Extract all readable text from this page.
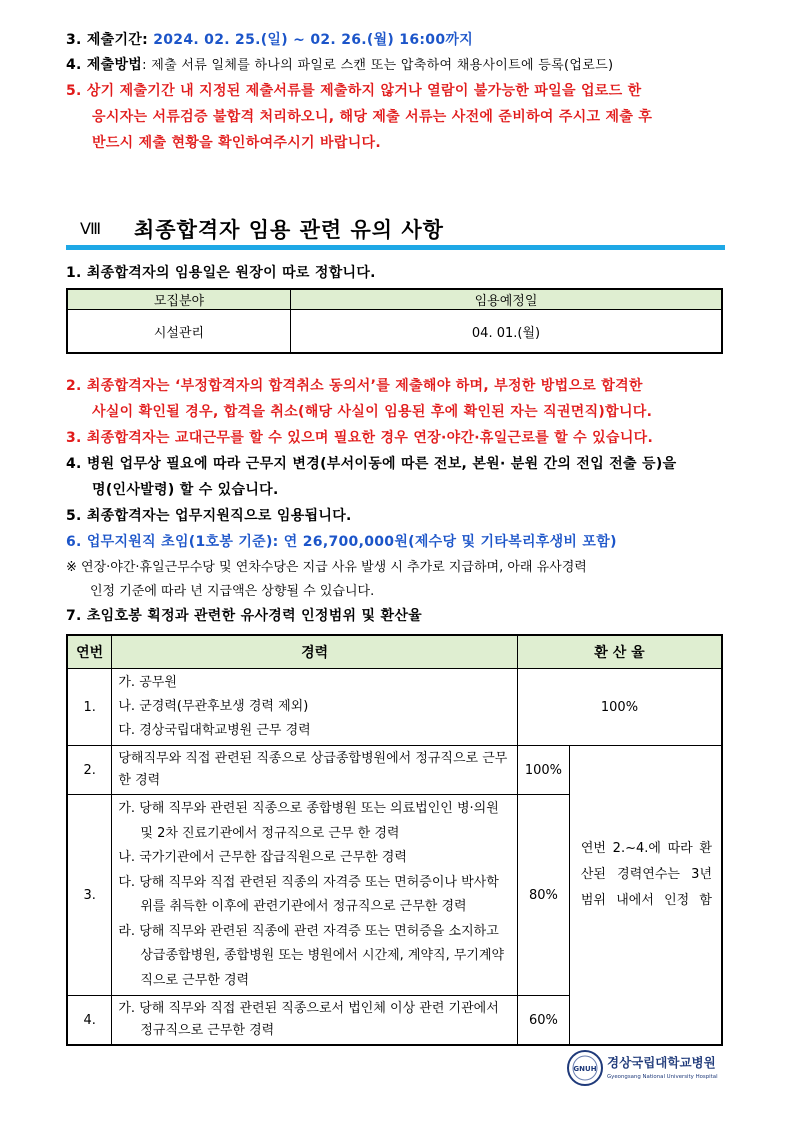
3. 제출기간: 2024. 02. 25.(일) ~ 02. 26.(월) 16:00까지
4. 제출방법: 제출 서류 일체를 하나의 파일로 스캔 또는 압축하여 채용사이트에 등록(업로드)
5. 상기 제출기간 내 지정된 제출서류를 제출하지 않거나 열람이 불가능한 파일을 업로드 한
응시자는 서류검증 불합격 처리하오니, 해당 제출 서류는 사전에 준비하여 주시고 제출 후
반드시 제출 현황을 확인하여주시기 바랍니다.
Ⅷ 최종합격자 임용 관련 유의 사항
1. 최종합격자의 임용일은 원장이 따로 정합니다.
모집분야	임용예정일
시설관리	04. 01.(월)
2. 최종합격자는 ‘부정합격자의 합격취소 동의서’를 제출해야 하며, 부정한 방법으로 합격한
사실이 확인될 경우, 합격을 취소(해당 사실이 임용된 후에 확인된 자는 직권면직)합니다.
3. 최종합격자는 교대근무를 할 수 있으며 필요한 경우 연장·야간·휴일근로를 할 수 있습니다.
4. 병원 업무상 필요에 따라 근무지 변경(부서이동에 따른 전보, 본원· 분원 간의 전입 전출 등)을
명(인사발령) 할 수 있습니다.
5. 최종합격자는 업무지원직으로 임용됩니다.
6. 업무지원직 초임(1호봉 기준): 연 26,700,000원(제수당 및 기타복리후생비 포함)
※ 연장·야간·휴일근무수당 및 연차수당은 지급 사유 발생 시 추가로 지급하며, 아래 유사경력
인정 기준에 따라 년 지급액은 상향될 수 있습니다.
7. 초임호봉 획정과 관련한 유사경력 인정범위 및 환산율
연번	경력	환 산 율	
1.	가. 공무원
나. 군경력(무관후보생 경력 제외)
다. 경상국립대학교병원 근무 경력	100%	
2.	당해직무와 직접 관련된 직종으로 상급종합병원에서 정규직으로 근무한 경력	100%	연번 2.~4.에 따라 환산된 경력연수는 3년 범위 내에서 인정 함

3.	가. 당해 직무와 관련된 직종으로 종합병원 또는 의료법인인 병·의원 및 2차 진료기관에서 정규직으로 근무 한 경력
나. 국가기관에서 근무한 잡급직원으로 근무한 경력
다. 당해 직무와 직접 관련된 직종의 자격증 또는 면허증이나 박사학위를 취득한 이후에 관련기관에서 정규직으로 근무한 경력
라. 당해 직무와 관련된 직종에 관련 자격증 또는 면허증을 소지하고 상급종합병원, 종합병원 또는 병원에서 시간제, 계약직, 무기계약직으로 근무한 경력	80%	
4.	가. 당해 직무와 직접 관련된 직종으로서 법인체 이상 관련 기관에서 정규직으로 근무한 경력	60%	
GNUH 경상국립대학교병원
Gyeongsang National University Hospital
